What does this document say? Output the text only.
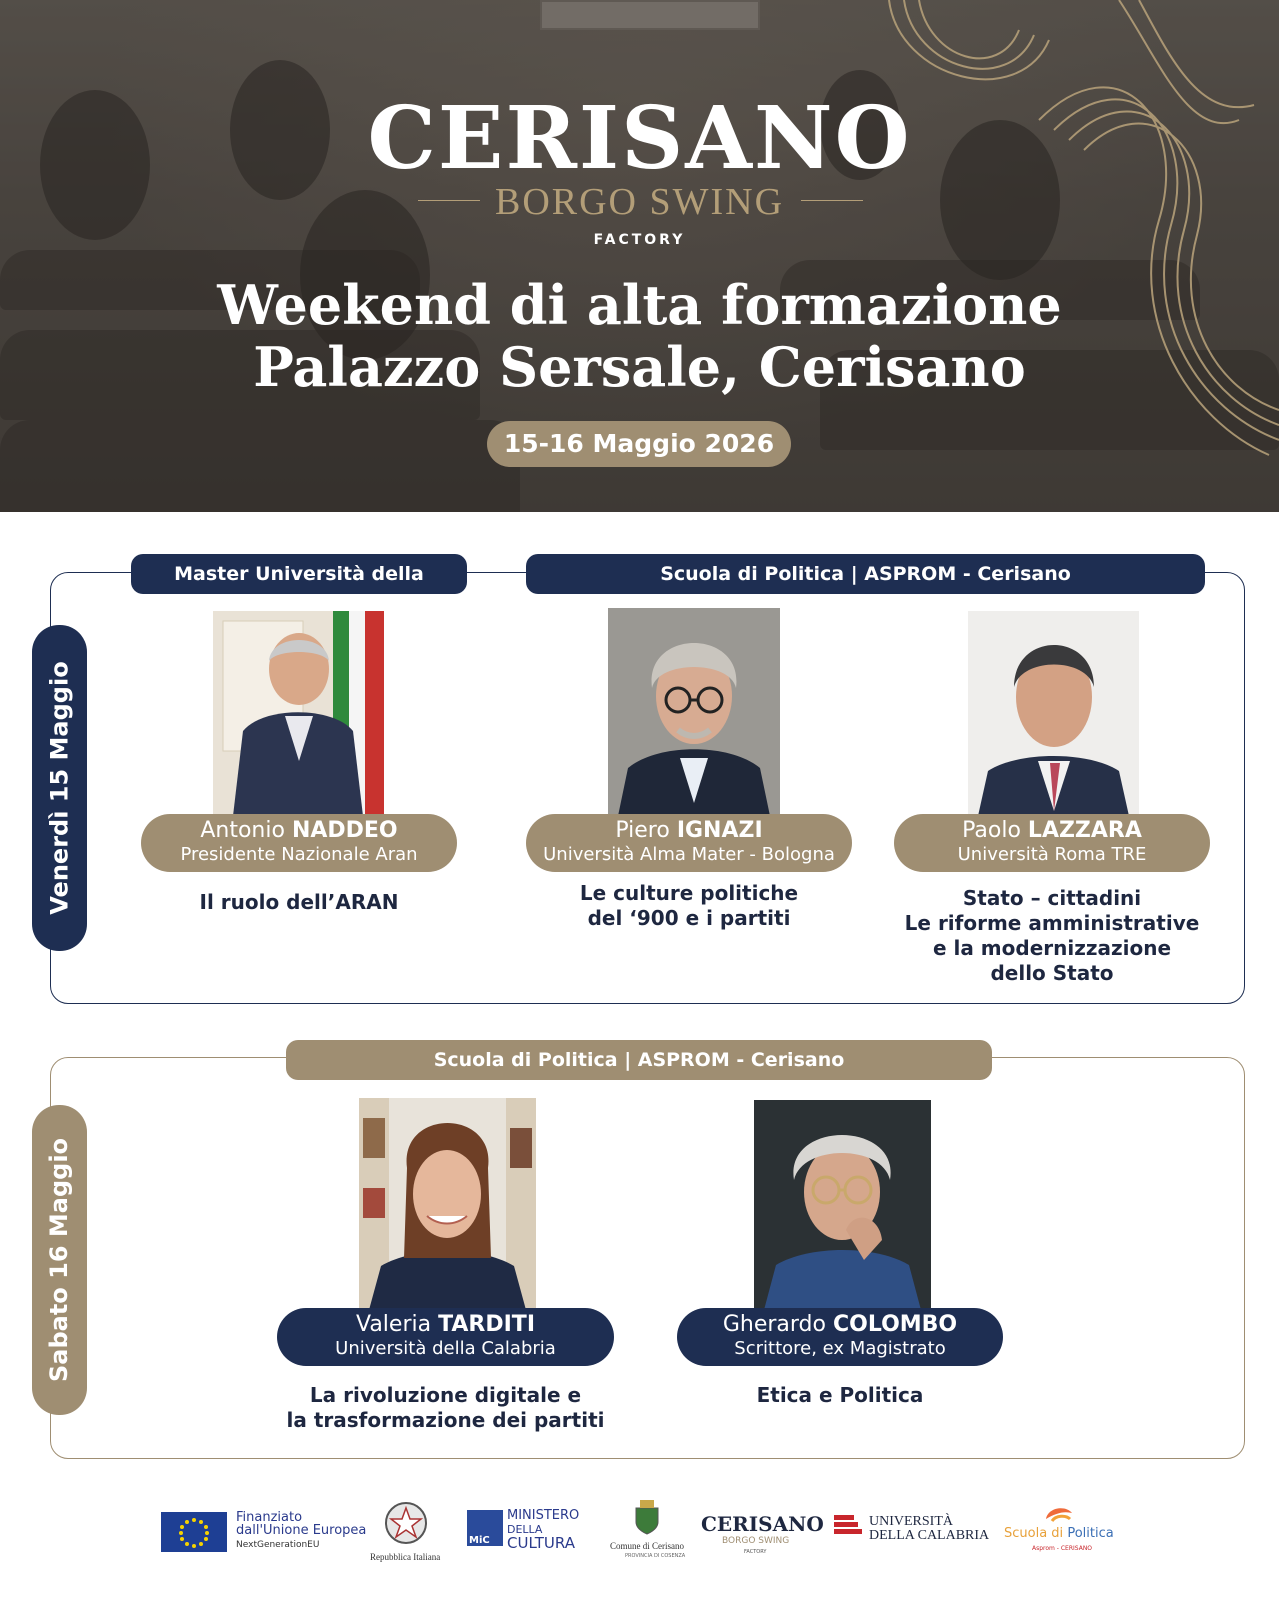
CERISANO
BORGO SWING
FACTORY
Weekend di alta formazione
Palazzo Sersale, Cerisano
15-16 Maggio 2026
Venerdì 15 Maggio
Master Università della	Scuola di Politica | ASPROM - Cerisano
Antonio NADDEO
Presidente Nazionale Aran
Piero IGNAZI
Università Alma Mater - Bologna
Paolo LAZZARA
Università Roma TRE
Il ruolo dell’ARAN	Le culture politiche
del ‘900 e i partiti
Stato – cittadini
Le riforme amministrative
e la modernizzazione
dello Stato
Sabato 16 Maggio
Scuola di Politica | ASPROM - Cerisano
Valeria TARDITI
Università della Calabria
Gherardo COLOMBO
Scrittore, ex Magistrato
La rivoluzione digitale e
la trasformazione dei partiti
Etica e Politica
Finanziato
dall'Unione Europea
NextGenerationEU
Repubblica Italiana
MiC
MINISTERO
DELLA
CULTURA	Comune di Cerisano
PROVINCIA DI COSENZA
CERISANO
BORGO SWING
FACTORY
UNIVERSITÀ
DELLA CALABRIA Scuola di Politica
Asprom - CERISANO
